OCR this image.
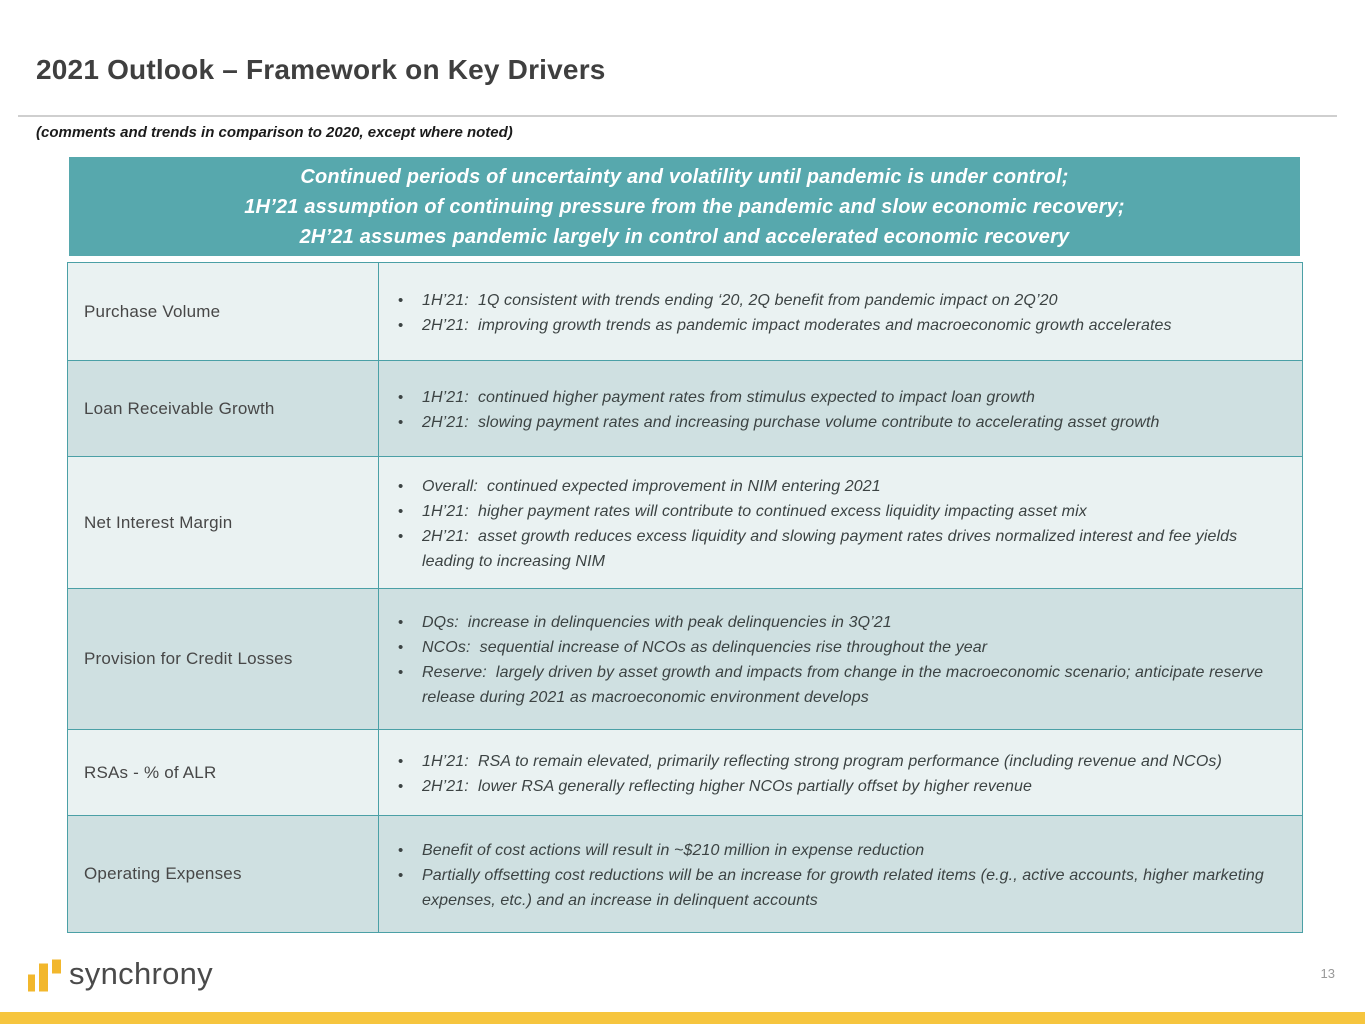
2021 Outlook – Framework on Key Drivers
(comments and trends in comparison to 2020, except where noted)
Continued periods of uncertainty and volatility until pandemic is under control;
1H’21 assumption of continuing pressure from the pandemic and slow economic recovery;
2H’21 assumes pandemic largely in control and accelerated economic recovery
Purchase Volume
• 1H’21:  1Q consistent with trends ending ‘20, 2Q benefit from pandemic impact on 2Q’20
• 2H’21:  improving growth trends as pandemic impact moderates and macroeconomic growth accelerates
Loan Receivable Growth
• 1H’21:  continued higher payment rates from stimulus expected to impact loan growth
• 2H’21:  slowing payment rates and increasing purchase volume contribute to accelerating asset growth
Net Interest Margin
• Overall:  continued expected improvement in NIM entering 2021
• 1H’21:  higher payment rates will contribute to continued excess liquidity impacting asset mix
• 2H’21:  asset growth reduces excess liquidity and slowing payment rates drives normalized interest and fee yields leading to increasing NIM
Provision for Credit Losses
• DQs:  increase in delinquencies with peak delinquencies in 3Q’21
• NCOs:  sequential increase of NCOs as delinquencies rise throughout the year
• Reserve:  largely driven by asset growth and impacts from change in the macroeconomic scenario; anticipate reserve release during 2021 as macroeconomic environment develops
RSAs - % of ALR
• 1H’21:  RSA to remain elevated, primarily reflecting strong program performance (including revenue and NCOs)
• 2H’21:  lower RSA generally reflecting higher NCOs partially offset by higher revenue
Operating Expenses
• Benefit of cost actions will result in ~$210 million in expense reduction
• Partially offsetting cost reductions will be an increase for growth related items (e.g., active accounts, higher marketing expenses, etc.) and an increase in delinquent accounts
synchrony	13
